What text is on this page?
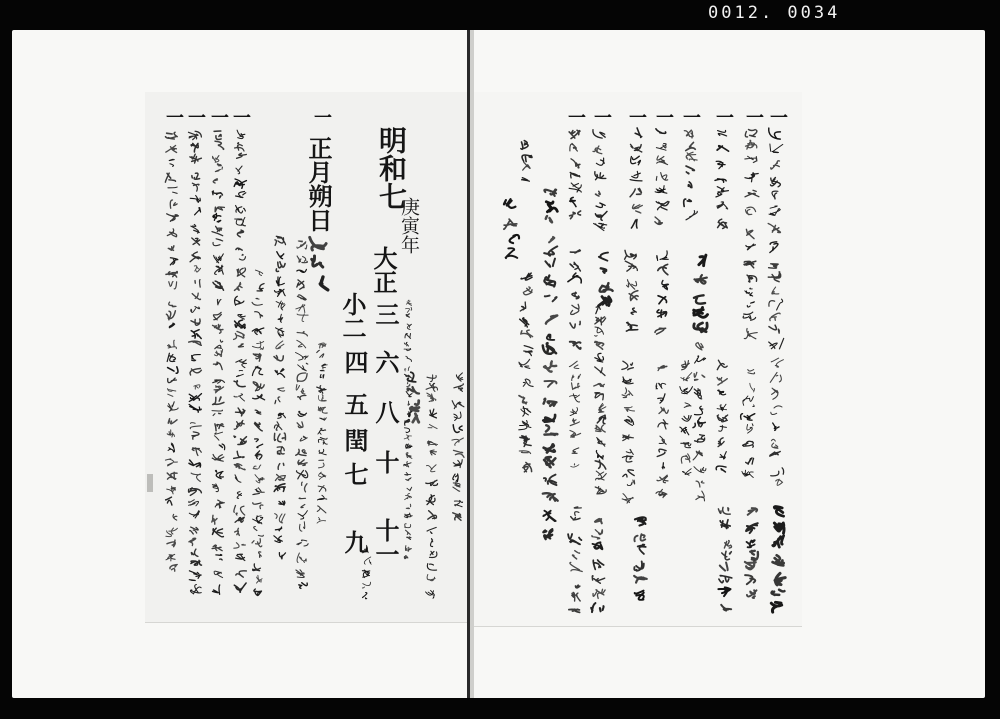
0012. 0034
明和七
庚寅年
正月朔日
大正
小二 三
六
八
十
十一
四
五
閏
七
九
一
一
一
一
一
一
一
一
一
一
一
一
一
